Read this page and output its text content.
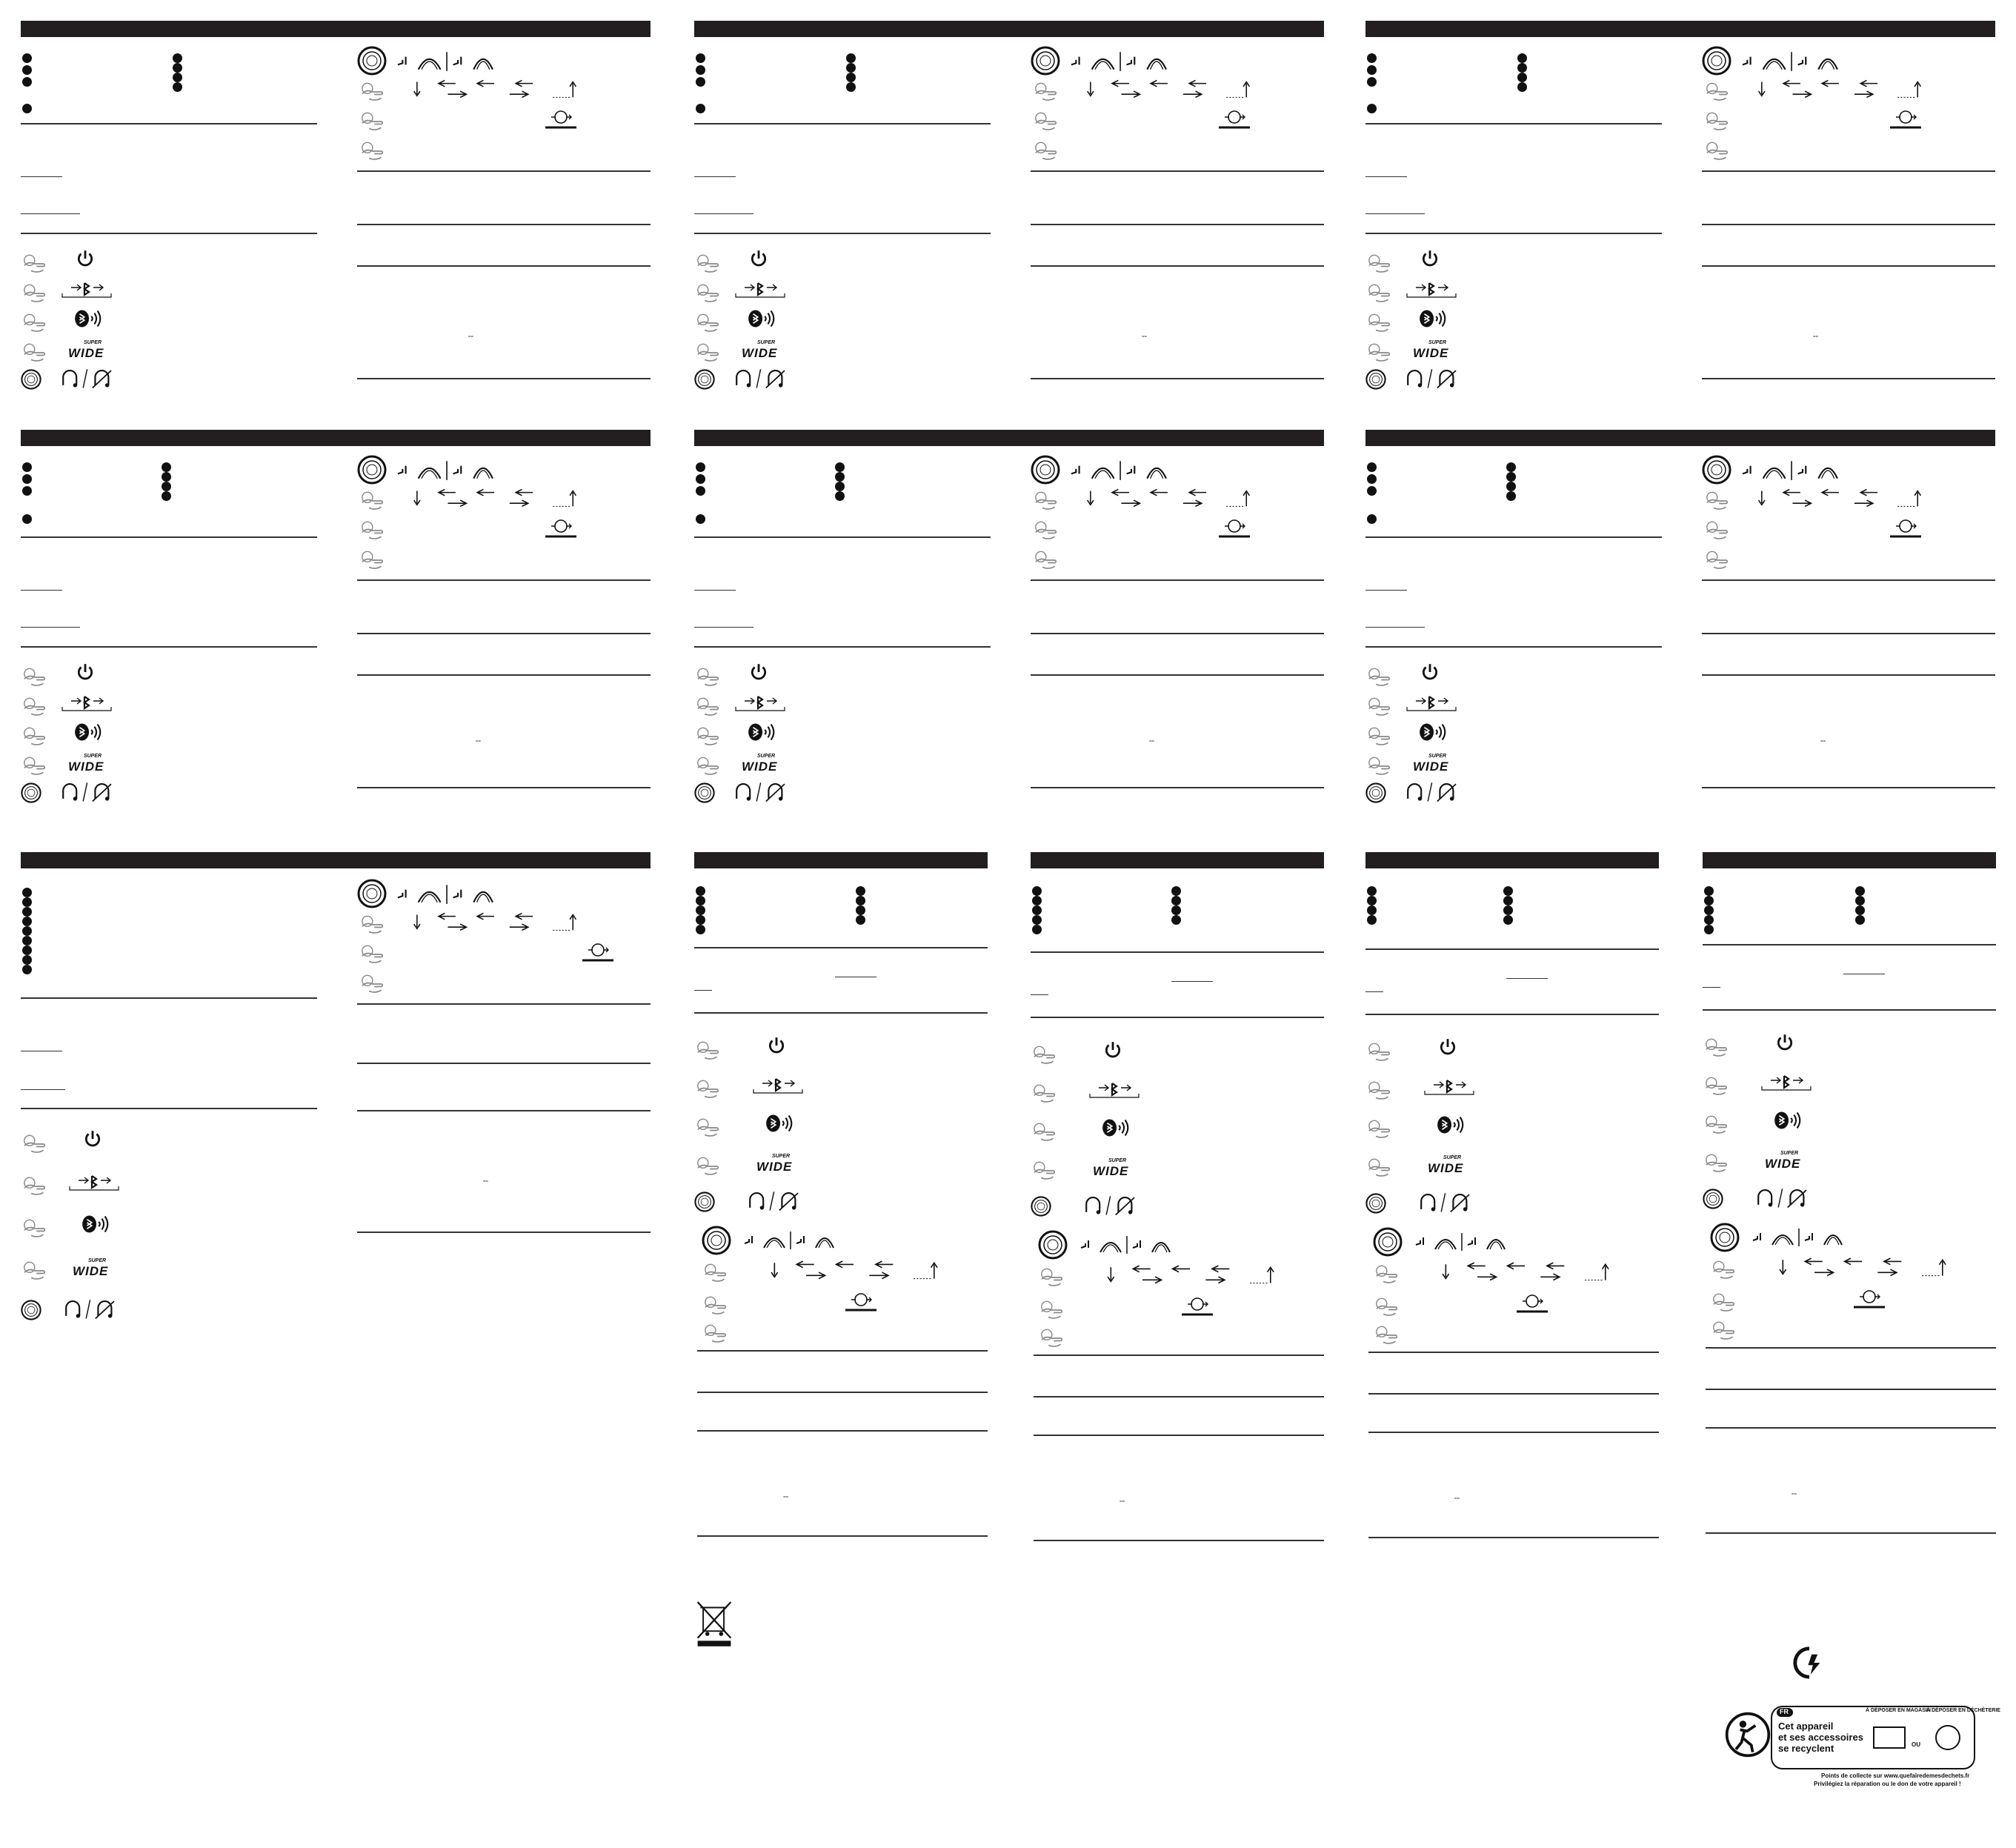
SUPER
WIDE
==
SUPER
WIDE
==
SUPER
WIDE
==
SUPER
WIDE
==
SUPER
WIDE
==
SUPER
WIDE
==
SUPER
WIDE
==
SUPER
WIDE
==
SUPER
WIDE
==
SUPER
WIDE
==
SUPER
WIDE
==
FR
Cet appareil
et ses accessoires
se recyclent
À DÉPOSER EN MAGASIN
OU
À DÉPOSER EN DÉCHÈTERIE
Points de collecte sur www.quefairedemesdechets.fr
Privilégiez la réparation ou le don de votre appareil !
